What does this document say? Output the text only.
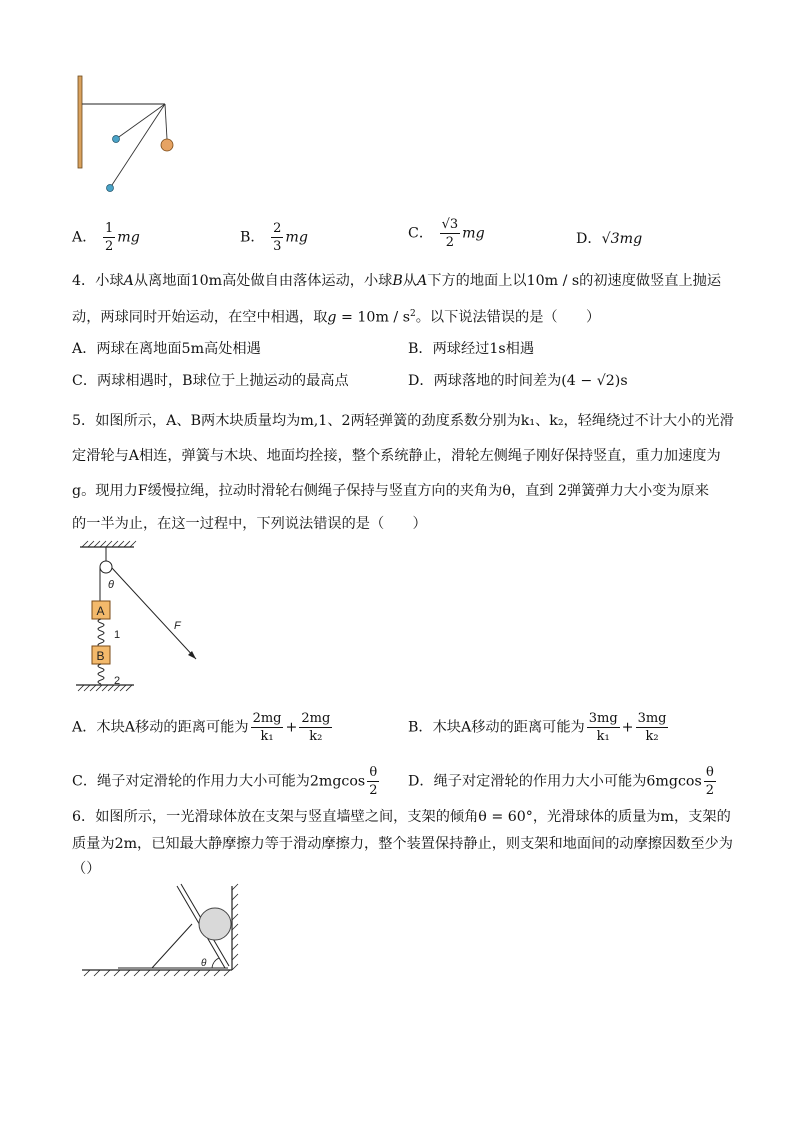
A． $\frac{1}{2}$ mg	B． $\frac{2}{3}$ mg	C． $\frac{√3}{2}$ mg	D．√3mg
4．小球A从离地面10m高处做自由落体运动，小球B从A下方的地面上以10m / s的初速度做竖直上抛运
动，两球同时开始运动，在空中相遇，取$g = 10m / s^2$。以下说法错误的是（　　）
A．两球在离地面5m高处相遇	B．两球经过1s相遇
C．两球相遇时，B球位于上抛运动的最高点	D．两球落地的时间差为(4 − √2)s
5．如图所示，A、B两木块质量均为m,1、2两轻弹簧的劲度系数分别为k₁、k₂，轻绳绕过不计大小的光滑
定滑轮与A相连，弹簧与木块、地面均拴接，整个系统静止，滑轮左侧绳子刚好保持竖直，重力加速度为
g。现用力F缓慢拉绳，拉动时滑轮右侧绳子保持与竖直方向的夹角为θ，直到 2弹簧弹力大小变为原来
的一半为止，在这一过程中，下列说法错误的是（　　）
θ
F
A
1
B
2
A．木块A移动的距离可能为 $\frac{2mg}{\text{k₁}} + \frac{2mg}{\text{k₂}}$	B．木块A移动的距离可能为 $\frac{3mg}{\text{k₁}} + \frac{3mg}{\text{k₂}}$
C．绳子对定滑轮的作用力大小可能为$2mgcos \frac{\theta}{2}$ D．绳子对定滑轮的作用力大小可能为$6mgcos \frac{\theta}{2}$
6．如图所示，一光滑球体放在支架与竖直墙壁之间，支架的倾角θ = 60°，光滑球体的质量为m，支架的
质量为2m，已知最大静摩擦力等于滑动摩擦力，整个装置保持静止，则支架和地面间的动摩擦因数至少为
（）
θ
